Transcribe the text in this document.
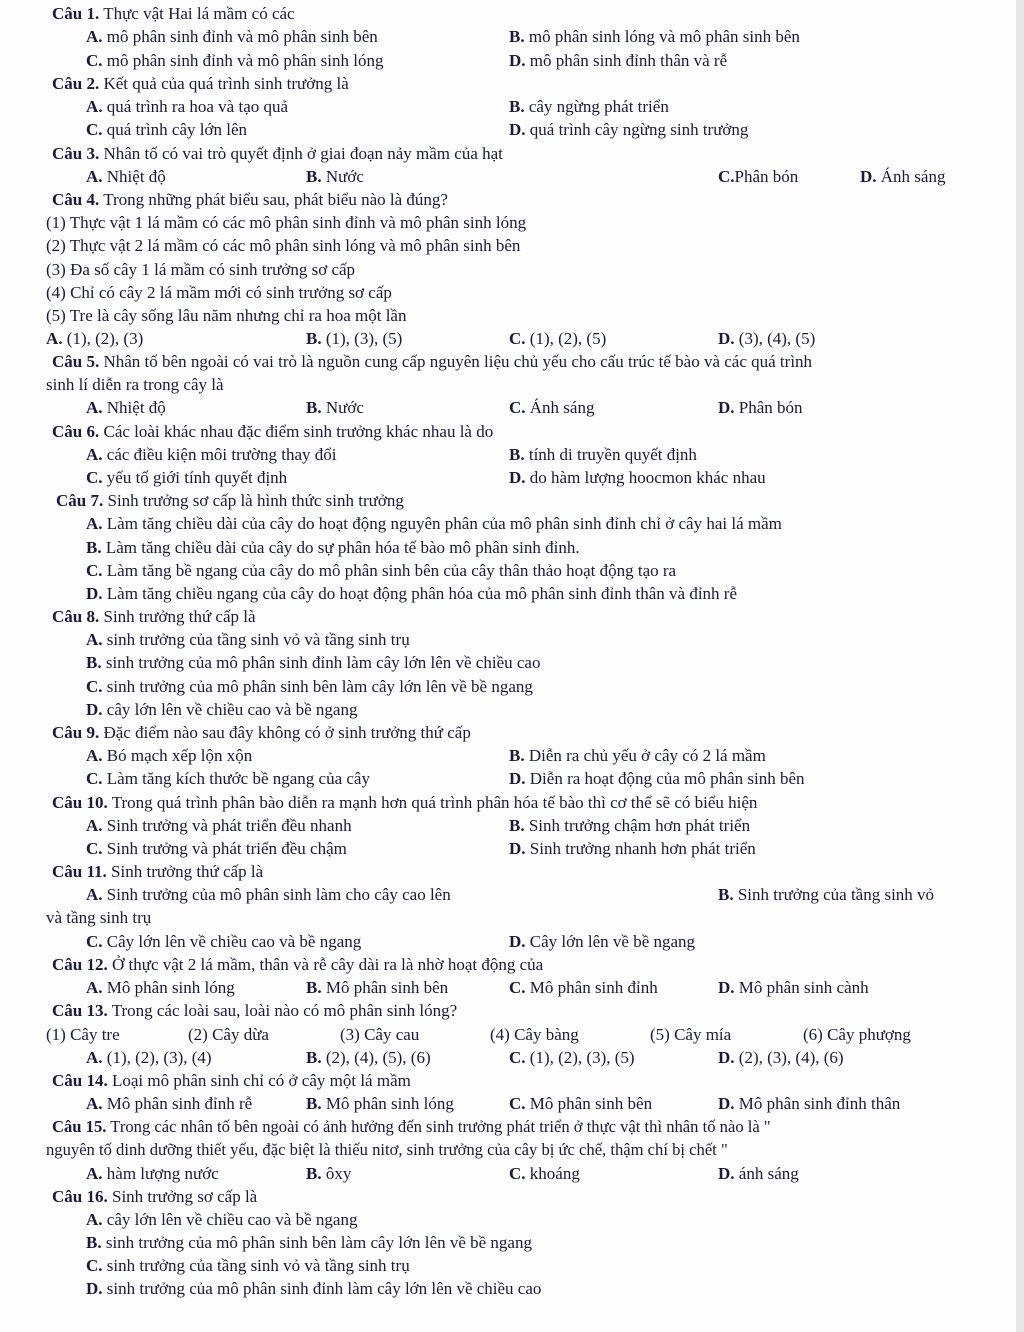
Câu 1. Thực vật Hai lá mầm có các
A. mô phân sinh đỉnh và mô phân sinh bên	B. mô phân sinh lóng và mô phân sinh bên
C. mô phân sinh đỉnh và mô phân sinh lóng	D. mô phân sinh đỉnh thân và rễ
Câu 2. Kết quả của quá trình sinh trưởng là
A. quá trình ra hoa và tạo quả	B. cây ngừng phát triển
C. quá trình cây lớn lên	D. quá trình cây ngừng sinh trưởng
Câu 3. Nhân tố có vai trò quyết định ở giai đoạn nảy mầm của hạt
A. Nhiệt độ	B. Nước	C.Phân bón	D. Ánh sáng
Câu 4. Trong những phát biểu sau, phát biểu nào là đúng?
(1) Thực vật 1 lá mầm có các mô phân sinh đỉnh và mô phân sinh lóng
(2) Thực vật 2 lá mầm có các mô phân sinh lóng và mô phân sinh bên
(3) Đa số cây 1 lá mầm có sinh trưởng sơ cấp
(4) Chỉ có cây 2 lá mầm mới có sinh trưởng sơ cấp
(5) Tre là cây sống lâu năm nhưng chỉ ra hoa một lần
A. (1), (2), (3)	B. (1), (3), (5)	C. (1), (2), (5)	D. (3), (4), (5)
Câu 5. Nhân tố bên ngoài có vai trò là nguồn cung cấp nguyên liệu chủ yếu cho cấu trúc tế bào và các quá trình
sinh lí diễn ra trong cây là
A. Nhiệt độ	B. Nước	C. Ánh sáng	D. Phân bón
Câu 6. Các loài khác nhau đặc điểm sinh trưởng khác nhau là do
A. các điều kiện môi trường thay đổi	B. tính di truyền quyết định
C. yếu tố giới tính quyết định	D. do hàm lượng hoocmon khác nhau
Câu 7. Sinh trưởng sơ cấp là hình thức sinh trưởng
A. Làm tăng chiều dài của cây do hoạt động nguyên phân của mô phân sinh đỉnh chỉ ở cây hai lá mầm
B. Làm tăng chiều dài của cây do sự phân hóa tế bào mô phân sinh đỉnh.
C. Làm tăng bề ngang của cây do mô phân sinh bên của cây thân thảo hoạt động tạo ra
D. Làm tăng chiều ngang của cây do hoạt động phân hóa của mô phân sinh đỉnh thân và đỉnh rễ
Câu 8. Sinh trưởng thứ cấp là
A. sinh trưởng của tầng sinh vỏ và tầng sinh trụ
B. sinh trưởng của mô phân sinh đỉnh làm cây lớn lên về chiều cao
C. sinh trưởng của mô phân sinh bên làm cây lớn lên về bề ngang
D. cây lớn lên về chiều cao và bề ngang
Câu 9. Đặc điểm nào sau đây không có ở sinh trưởng thứ cấp
A. Bó mạch xếp lộn xộn	B. Diễn ra chủ yếu ở cây có 2 lá mầm
C. Làm tăng kích thước bề ngang của cây	D. Diễn ra hoạt động của mô phân sinh bên
Câu 10. Trong quá trình phân bào diễn ra mạnh hơn quá trình phân hóa tế bào thì cơ thể sẽ có biểu hiện
A. Sinh trưởng và phát triển đều nhanh	B. Sinh trưởng chậm hơn phát triển
C. Sinh trưởng và phát triển đều chậm	D. Sinh trưởng nhanh hơn phát triển
Câu 11. Sinh trưởng thứ cấp là
A. Sinh trưởng của mô phân sinh làm cho cây cao lên	B. Sinh trưởng của tầng sinh vỏ
và tầng sinh trụ
C. Cây lớn lên về chiều cao và bề ngang	D. Cây lớn lên về bề ngang
Câu 12. Ở thực vật 2 lá mầm, thân và rễ cây dài ra là nhờ hoạt động của
A. Mô phân sinh lóng	B. Mô phân sinh bên	C. Mô phân sinh đỉnh	D. Mô phân sinh cành
Câu 13. Trong các loài sau, loài nào có mô phân sinh lóng?
(1) Cây tre	(2) Cây dừa	(3) Cây cau	(4) Cây bàng	(5) Cây mía	(6) Cây phượng
A. (1), (2), (3), (4)	B. (2), (4), (5), (6)	C. (1), (2), (3), (5)	D. (2), (3), (4), (6)
Câu 14. Loại mô phân sinh chỉ có ở cây một lá mầm
A. Mô phân sinh đỉnh rễ	B. Mô phân sinh lóng	C. Mô phân sinh bên	D. Mô phân sinh đỉnh thân
Câu 15. Trong các nhân tố bên ngoài có ảnh hưởng đến sinh trưởng phát triển ở thực vật thì nhân tố nào là "
nguyên tố dinh dưỡng thiết yếu, đặc biệt là thiếu nitơ, sinh trưởng của cây bị ức chế, thậm chí bị chết "
A. hàm lượng nước	B. ôxy	C. khoáng	D. ánh sáng
Câu 16. Sinh trưởng sơ cấp là
A. cây lớn lên về chiều cao và bề ngang
B. sinh trưởng của mô phân sinh bên làm cây lớn lên về bề ngang
C. sinh trưởng của tầng sinh vỏ và tầng sinh trụ
D. sinh trưởng của mô phân sinh đỉnh làm cây lớn lên về chiều cao
